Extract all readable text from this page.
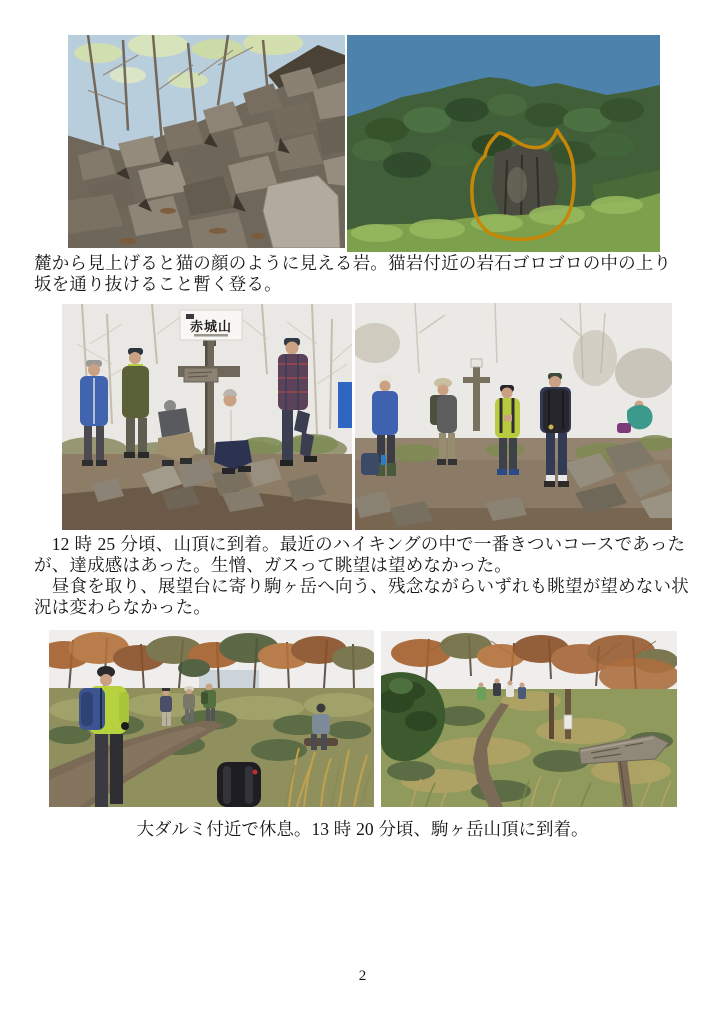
麓から見上げると猫の顔のように見える岩。猫岩付近の岩石ゴロゴロの中の上り
坂を通り抜けること暫く登る。
赤城山
　12 時 25 分頃、山頂に到着。最近のハイキングの中で一番きついコースであった
が、達成感はあった。生憎、ガスって眺望は望めなかった。
　昼食を取り、展望台に寄り駒ヶ岳へ向う、残念ながらいずれも眺望が望めない状
況は変わらなかった。
大ダルミ付近で休息。13 時 20 分頃、駒ヶ岳山頂に到着。
2
